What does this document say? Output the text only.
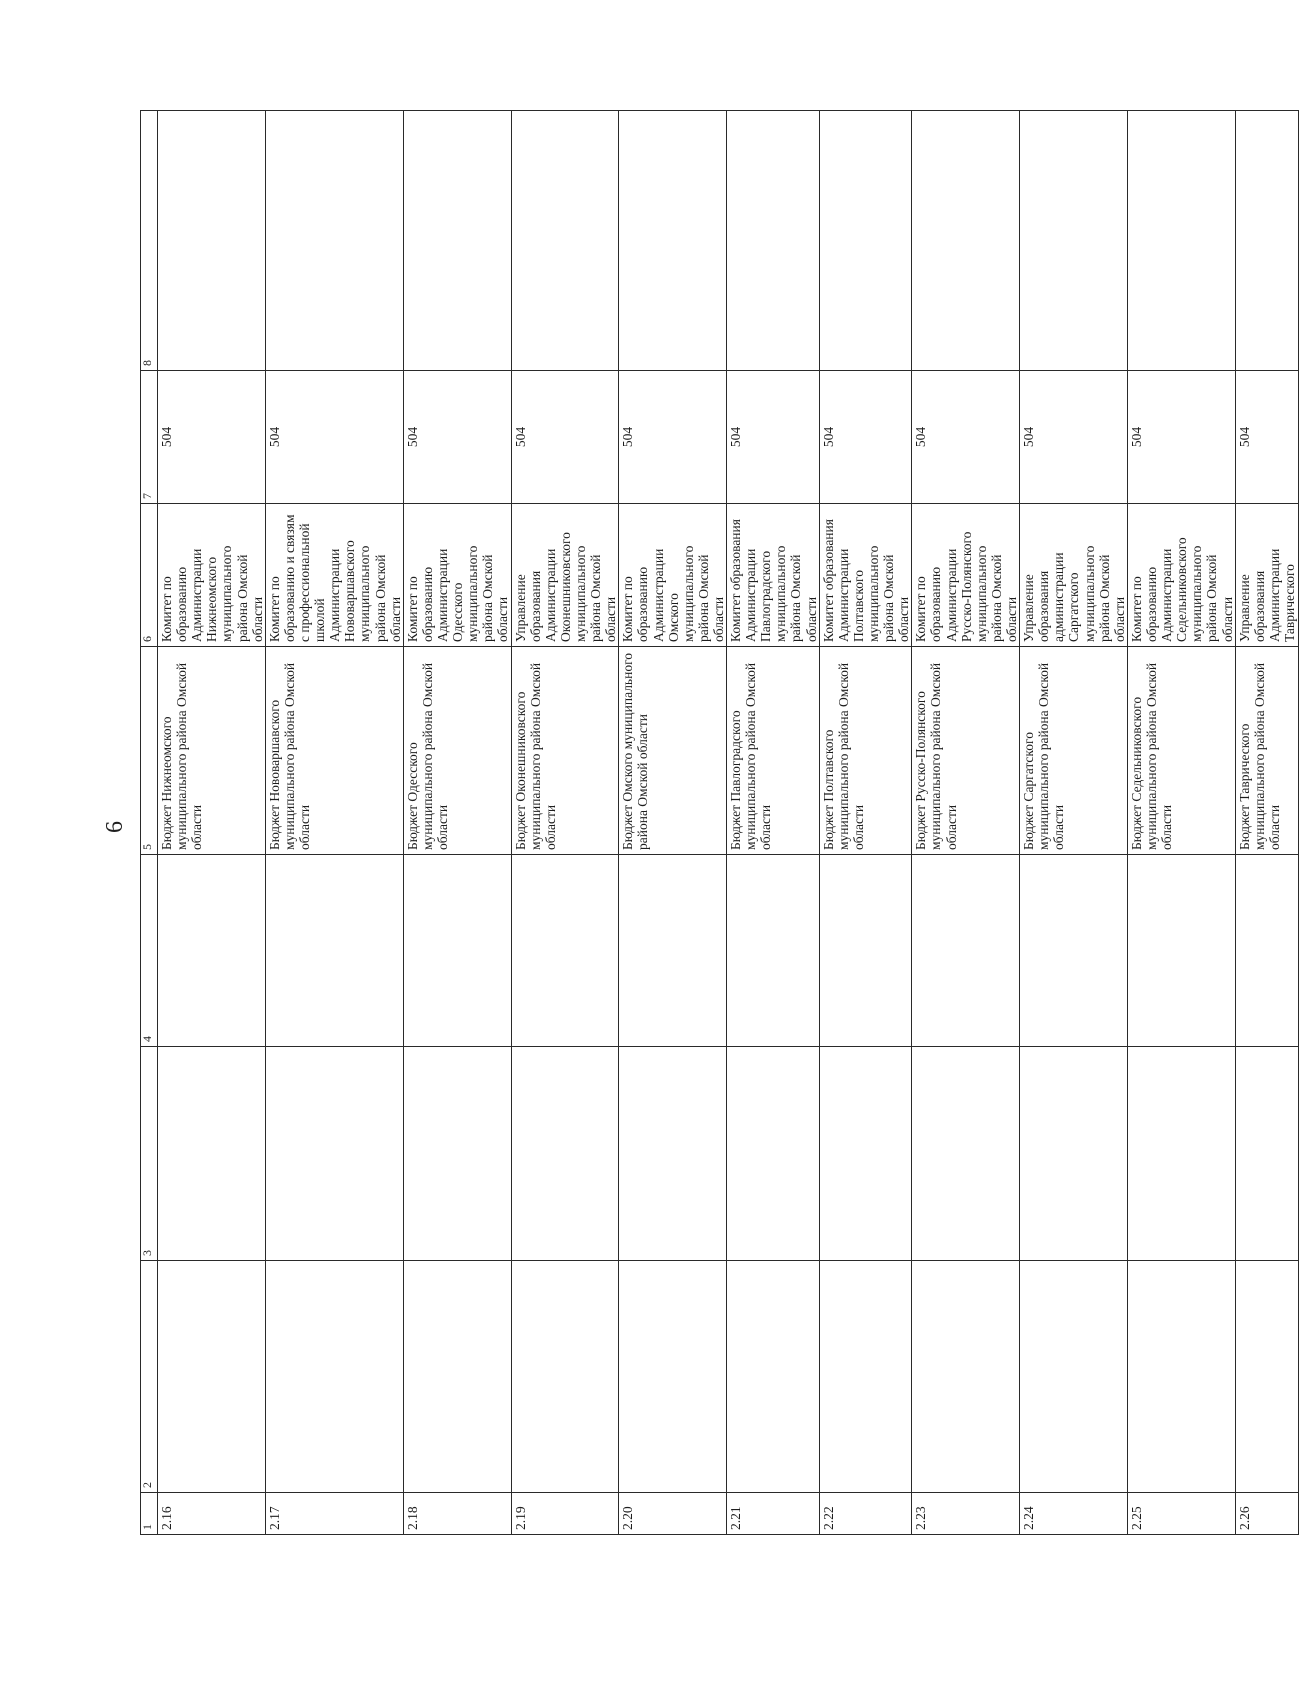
6
1	2	3	4	5	6	7	8
2.16				Бюджет Нижнеомского муниципального района Омской области	Комитет по образованию Администрации Нижнеомского муниципального района Омской области	504	
2.17				Бюджет Нововаршавского муниципального района Омской области	Комитет по образованию и связям с профессиональной школой Администрации Нововаршавского муниципального района Омской области	504	
2.18				Бюджет Одесского муниципального района Омской области	Комитет по образованию Администрации Одесского муниципального района Омской области	504	
2.19				Бюджет Оконешниковского муниципального района Омской области	Управление образования Администрации Оконешниковского муниципального района Омской области	504	
2.20				Бюджет Омского муниципального района Омской области	Комитет по образованию Администрации Омского муниципального района Омской области	504	
2.21				Бюджет Павлоградского муниципального района Омской области	Комитет образования Администрации Павлоградского муниципального района Омской области	504	
2.22				Бюджет Полтавского муниципального района Омской области	Комитет образования Администрации Полтавского муниципального района Омской области	504	
2.23				Бюджет Русско-Полянского муниципального района Омской области	Комитет по образованию Администрации Русско-Полянского муниципального района Омской области	504	
2.24				Бюджет Саргатского муниципального района Омской области	Управление образования администрации Саргатского муниципального района Омской области	504	
2.25				Бюджет Седельниковского муниципального района Омской области	Комитет по образованию Администрации Седельниковского муниципального района Омской области	504	
2.26				Бюджет Таврического муниципального района Омской области	Управление образования Администрации Таврического	504	
